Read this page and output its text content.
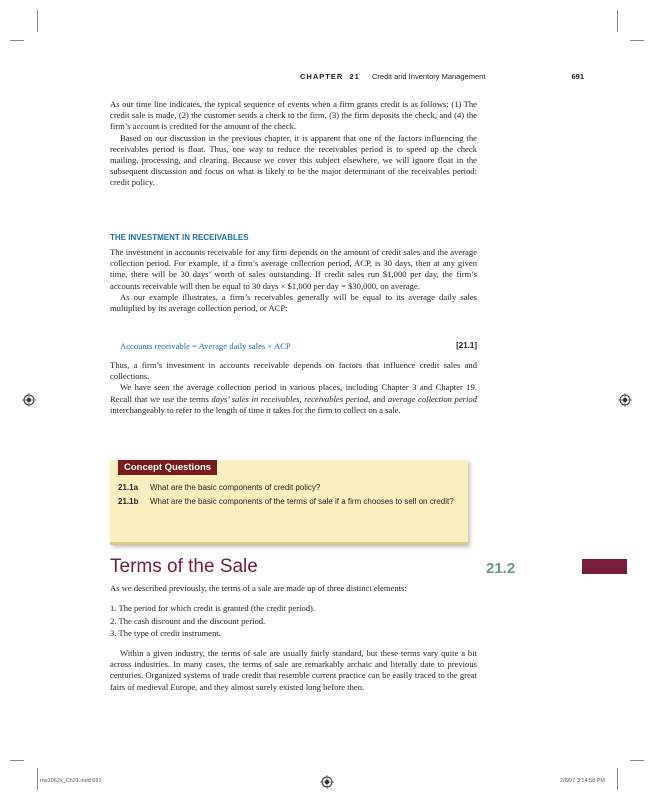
CHAPTER 21 Credit and Inventory Management	691

As our time line indicates, the typical sequence of events when a firm grants credit is as follows: (1) The credit sale is made, (2) the customer sends a check to the firm, (3) the firm deposits the check, and (4) the firm’s account is credited for the amount of the check.

Based on our discussion in the previous chapter, it is apparent that one of the factors influencing the receivables period is float. Thus, one way to reduce the receivables period is to speed up the check mailing, processing, and clearing. Because we cover this subject elsewhere, we will ignore float in the subsequent discussion and focus on what is likely to be the major determinant of the receivables period: credit policy.

THE INVESTMENT IN RECEIVABLES

The investment in accounts receivable for any firm depends on the amount of credit sales and the average collection period. For example, if a firm’s average collection period, ACP, is 30 days, then at any given time, there will be 30 days’ worth of sales outstanding. If credit sales run $1,000 per day, the firm’s accounts receivable will then be equal to 30 days × $1,000 per day = $30,000, on average.

As our example illustrates, a firm’s receivables generally will be equal to its average daily sales multiplied by its average collection period, or ACP:

Accounts receivable = Average daily sales × ACP	[21.1]

Thus, a firm’s investment in accounts receivable depends on factors that influence credit sales and collections.

We have seen the average collection period in various places, including Chapter 3 and Chapter 19. Recall that we use the terms days’ sales in receivables, receivables period, and average collection period interchangeably to refer to the length of time it takes for the firm to collect on a sale.

Concept Questions
21.1a What are the basic components of credit policy?
21.1b What are the basic components of the terms of sale if a firm chooses to sell on credit?
Terms of the Sale	21.2

As we described previously, the terms of a sale are made up of three distinct elements:

1. The period for which credit is granted (the credit period).
2. The cash discount and the discount period.
3. The type of credit instrument.

Within a given industry, the terms of sale are usually fairly standard, but these terms vary quite a bit across industries. In many cases, the terms of sale are remarkably archaic and literally date to previous centuries. Organized systems of trade credit that resemble current practice can be easily traced to the great fairs of medieval Europe, and they almost surely existed long before then.

ros3062x_Ch21.indd 691	2/8/07 3:14:58 PM
